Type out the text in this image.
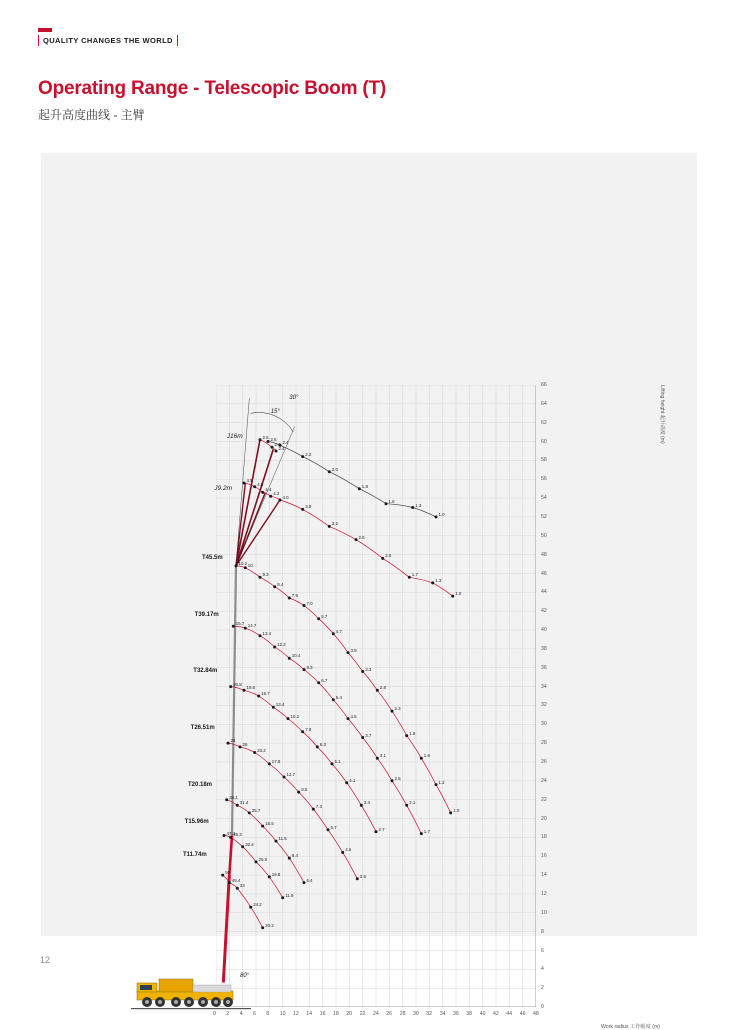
QUALITY CHANGES THE WORLD
Operating Range - Telescopic Boom (T)
起升高度曲线 - 主臂
12
Work radius 工作幅度 (m)
Lifting height 起升高度 (m)
0 2 4 6 8 10 12 14 16 18 20 22 24 26 28 30 32 34 36 38 40 42 44 46 48
0
2
4
6
8
10
12
14
16
18
20
22
24
26
28
30
32
34
36
38
40
42
44
46
48
50
52
54
56
58
60
62
64
66
T45.5m
T39.17m
T32.84m
T26.51m
T20.18m
T15.96m
T11.74m
J16m
J9.2m
30°
15°
80°
2.6
2.4
2.2
2.0
1.8
1.6
1.3
1.0
2.5
2.7
2.4
4.5
4.5
4.4
4.2
4.0
3.5
3.2
2.6
2.0
1.7
1.3
1.0
10.2 10
9.3
8.4
7.9
7.0
5.7
4.7
3.9
3.3
2.8
2.3
1.9
1.6
1.2
1.0
15.7 14.7
13.4
12.2
10.4
8.3
6.7
5.4
4.5
3.7
3.1
2.5
2.1
1.7
20.8
19.6
16.7
13.4
10.2
7.9
6.3
5.1
4.1
3.4
2.7
26
26
23.2
17.8
12.7
9.5
7.3
5.7
4.6
3.6
36.1
31.4
25.7
16.5
11.5
8.4
6.4
47.4
45.3
32.4
25.9
16.8
11.8
50
49.4
33
24.2
20.2
